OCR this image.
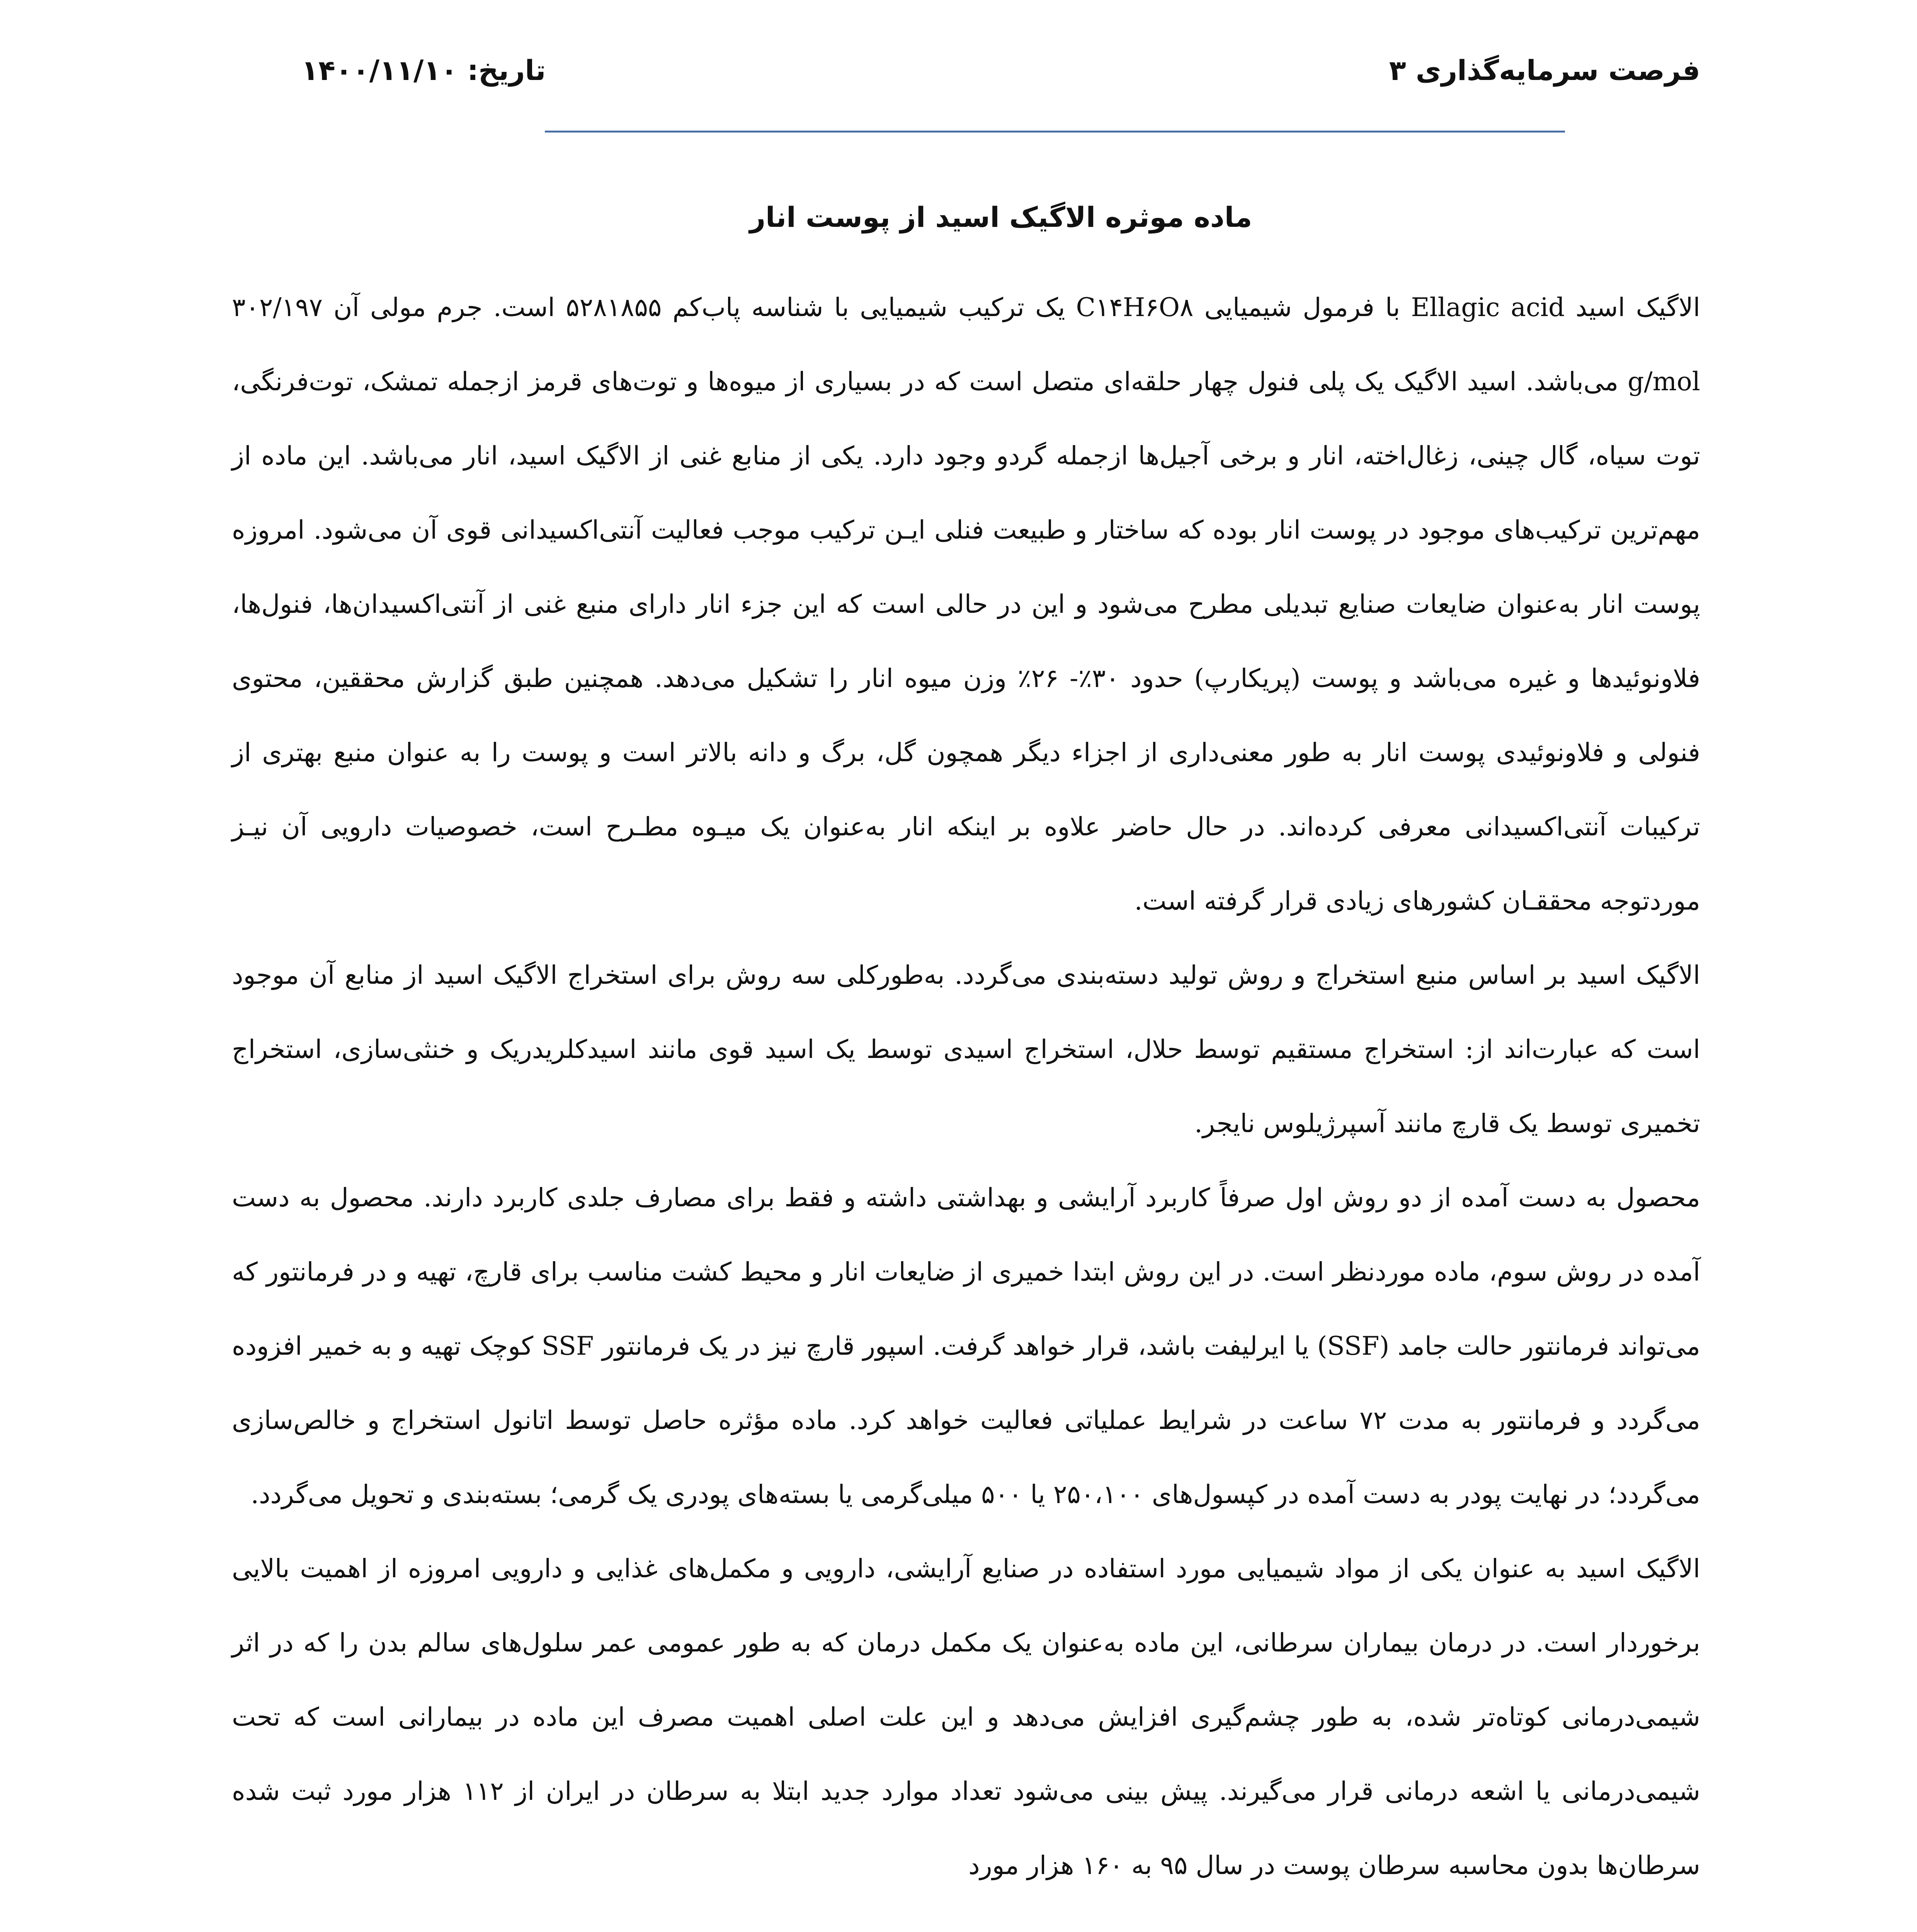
فرصت سرمایه‌گذاری ۳
تاریخ: ۱۴۰۰/۱۱/۱۰
ماده موثره الاگیک اسید از پوست انار

الاگیک اسید Ellagic acid با فرمول شیمیایی C۱۴H۶O۸ یک ترکیب شیمیایی با شناسه پاب‌کم ۵۲۸۱۸۵۵ است. جرم مولی آن ۳۰۲/۱۹۷ g/mol می‌باشد. اسید الاگیک یک پلی فنول چهار حلقه‌ای متصل است که در بسیاری از میوه‌ها و توت‌های قرمز ازجمله تمشک، توت‌فرنگی، توت سیاه، گال چینی، زغال‌اخته، انار و برخی آجیل‌ها ازجمله گردو وجود دارد. یکی از منابع غنی از الاگیک اسید، انار می‌باشد. این ماده از مهم‌ترین ترکیب‌های موجود در پوست انار بوده که ساختار و طبیعت فنلی ایـن ترکیب موجب فعالیت آنتی‌اکسیدانی قوی آن می‌شود. امروزه پوست انار به‌عنوان ضایعات صنایع تبدیلی مطرح می‌شود و این در حالی است که این جزء انار دارای منبع غنی از آنتی‌اکسیدان‌ها، فنول‌ها، فلاونوئیدها و غیره می‌باشد و پوست (پریکارپ) حدود ۳۰٪- ۲۶٪ وزن میوه انار را تشکیل می‌دهد. همچنین طبق گزارش محققین، محتوی فنولی و فلاونوئیدی پوست انار به طور معنی‌داری از اجزاء دیگر همچون گل، برگ و دانه بالاتر است و پوست را به عنوان منبع بهتری از ترکیبات آنتی‌اکسیدانی معرفی کرده‌اند. در حال حاضر علاوه بر اینکه انار به‌عنوان یک میـوه مطـرح است، خصوصیات دارویی آن نیـز موردتوجه محققـان کشورهای زیادی قرار گرفته است.

الاگیک اسید بر اساس منبع استخراج و روش تولید دسته‌بندی می‌گردد. به‌طورکلی سه روش برای استخراج الاگیک اسید از منابع آن موجود است که عبارت‌اند از: استخراج مستقیم توسط حلال، استخراج اسیدی توسط یک اسید قوی مانند اسیدکلریدریک و خنثی‌سازی، استخراج تخمیری توسط یک قارچ مانند آسپرژیلوس نایجر.

محصول به دست آمده از دو روش اول صرفاً کاربرد آرایشی و بهداشتی داشته و فقط برای مصارف جلدی کاربرد دارند. محصول به دست آمده در روش سوم، ماده موردنظر است. در این روش ابتدا خمیری از ضایعات انار و محیط کشت مناسب برای قارچ، تهیه و در فرمانتور که می‌تواند فرمانتور حالت جامد (SSF) یا ایرلیفت باشد، قرار خواهد گرفت. اسپور قارچ نیز در یک فرمانتور SSF کوچک تهیه و به خمیر افزوده می‌گردد و فرمانتور به مدت ۷۲ ساعت در شرایط عملیاتی فعالیت خواهد کرد. ماده مؤثره حاصل توسط اتانول استخراج و خالص‌سازی می‌گردد؛ در نهایت پودر به دست آمده در کپسول‌های ۲۵۰،۱۰۰ یا ۵۰۰ میلی‌گرمی یا بسته‌های پودری یک گرمی؛ بسته‌بندی و تحویل می‌گردد.

الاگیک اسید به عنوان یکی از مواد شیمیایی مورد استفاده در صنایع آرایشی، دارویی و مکمل‌های غذایی و دارویی امروزه از اهمیت بالایی برخوردار است. در درمان بیماران سرطانی، این ماده به‌عنوان یک مکمل درمان که به طور عمومی عمر سلول‌های سالم بدن را که در اثر شیمی‌درمانی کوتاه‌تر شده، به طور چشم‌گیری افزایش می‌دهد و این علت اصلی اهمیت مصرف این ماده در بیمارانی است که تحت شیمی‌درمانی یا اشعه درمانی قرار می‌گیرند. پیش بینی می‌شود تعداد موارد جدید ابتلا به سرطان در ایران از ۱۱۲ هزار مورد ثبت شده سرطان‌ها بدون محاسبه سرطان پوست در سال ۹۵ به ۱۶۰ هزار مورد
